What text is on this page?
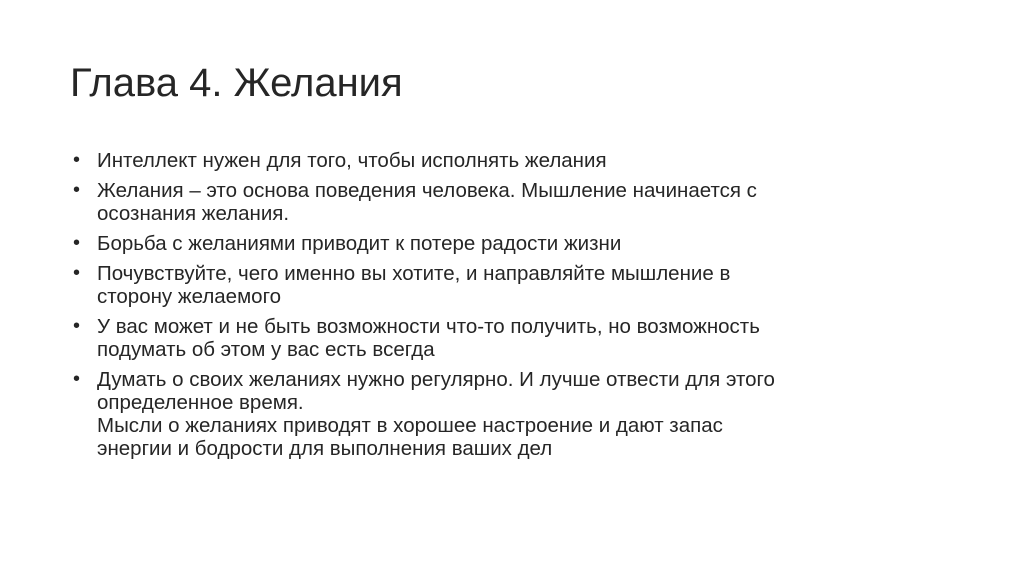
Глава 4. Желания
• Интеллект нужен для того, чтобы исполнять желания
• Желания – это основа поведения человека. Мышление начинается с
осознания желания.
• Борьба с желаниями приводит к потере радости жизни
• Почувствуйте, чего именно вы хотите, и направляйте мышление в
сторону желаемого
• У вас может и не быть возможности что-то получить, но возможность
подумать об этом у вас есть всегда
• Думать о своих желаниях нужно регулярно. И лучше отвести для этого
определенное время.
Мысли о желаниях приводят в хорошее настроение и дают запас
энергии и бодрости для выполнения ваших дел
